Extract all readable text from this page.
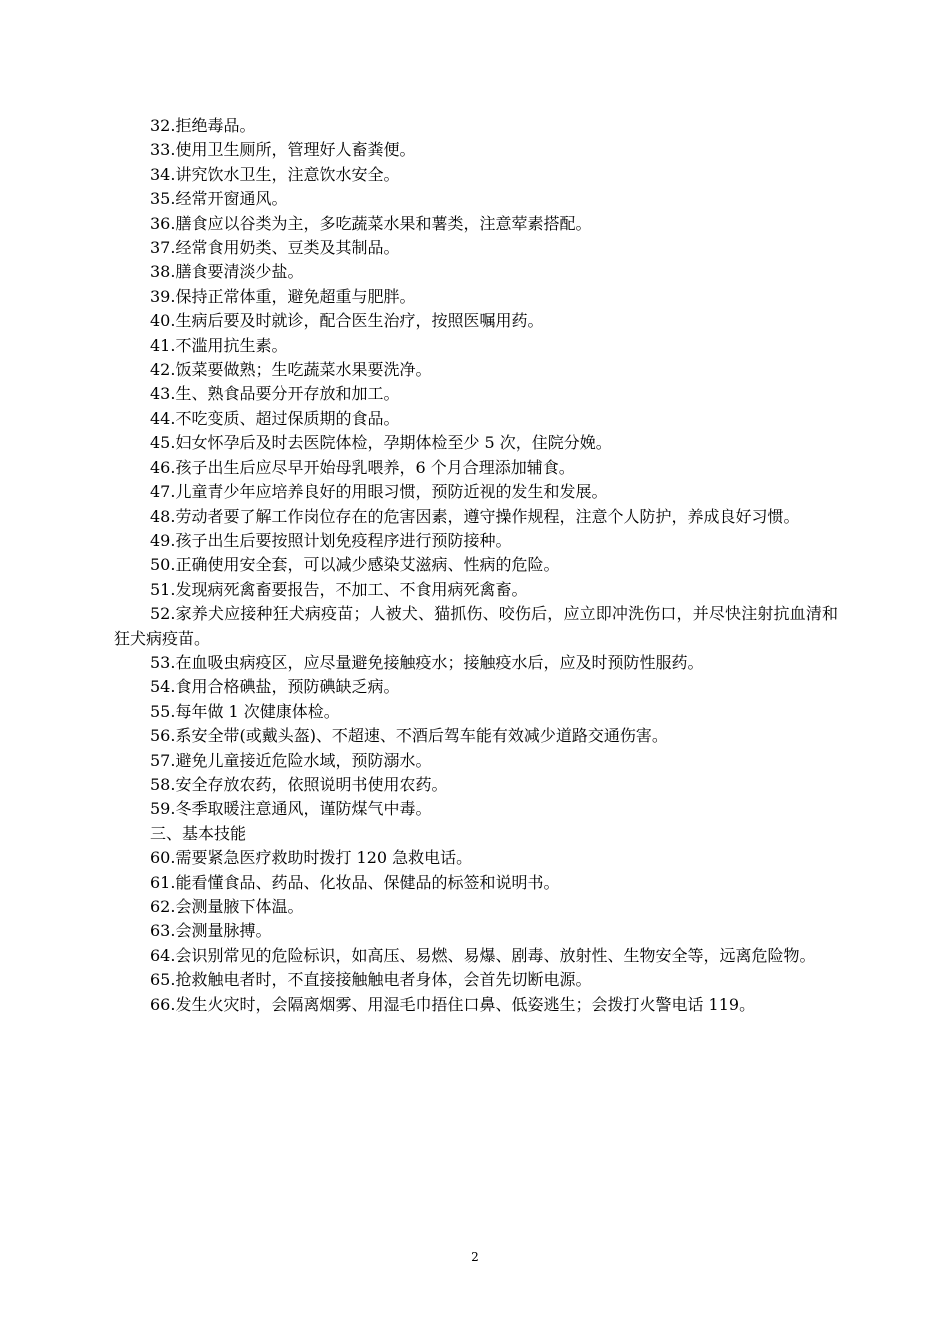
32.拒绝毒品。

33.使用卫生厕所，管理好人畜粪便。

34.讲究饮水卫生，注意饮水安全。

35.经常开窗通风。

36.膳食应以谷类为主，多吃蔬菜水果和薯类，注意荤素搭配。

37.经常食用奶类、豆类及其制品。

38.膳食要清淡少盐。

39.保持正常体重，避免超重与肥胖。

40.生病后要及时就诊，配合医生治疗，按照医嘱用药。

41.不滥用抗生素。

42.饭菜要做熟；生吃蔬菜水果要洗净。

43.生、熟食品要分开存放和加工。

44.不吃变质、超过保质期的食品。

45.妇女怀孕后及时去医院体检，孕期体检至少 5 次，住院分娩。

46.孩子出生后应尽早开始母乳喂养，6 个月合理添加辅食。

47.儿童青少年应培养良好的用眼习惯，预防近视的发生和发展。

48.劳动者要了解工作岗位存在的危害因素，遵守操作规程，注意个人防护，养成良好习惯。

49.孩子出生后要按照计划免疫程序进行预防接种。

50.正确使用安全套，可以减少感染艾滋病、性病的危险。

51.发现病死禽畜要报告，不加工、不食用病死禽畜。

52.家养犬应接种狂犬病疫苗；人被犬、猫抓伤、咬伤后，应立即冲洗伤口，并尽快注射抗血清和狂犬病疫苗。

53.在血吸虫病疫区，应尽量避免接触疫水；接触疫水后，应及时预防性服药。

54.食用合格碘盐，预防碘缺乏病。

55.每年做 1 次健康体检。

56.系安全带(或戴头盔)、不超速、不酒后驾车能有效减少道路交通伤害。

57.避免儿童接近危险水域，预防溺水。

58.安全存放农药，依照说明书使用农药。

59.冬季取暖注意通风，谨防煤气中毒。

三、基本技能

60.需要紧急医疗救助时拨打 120 急救电话。

61.能看懂食品、药品、化妆品、保健品的标签和说明书。

62.会测量腋下体温。

63.会测量脉搏。

64.会识别常见的危险标识，如高压、易燃、易爆、剧毒、放射性、生物安全等，远离危险物。

65.抢救触电者时，不直接接触触电者身体，会首先切断电源。

66.发生火灾时，会隔离烟雾、用湿毛巾捂住口鼻、低姿逃生；会拨打火警电话 119。

2
